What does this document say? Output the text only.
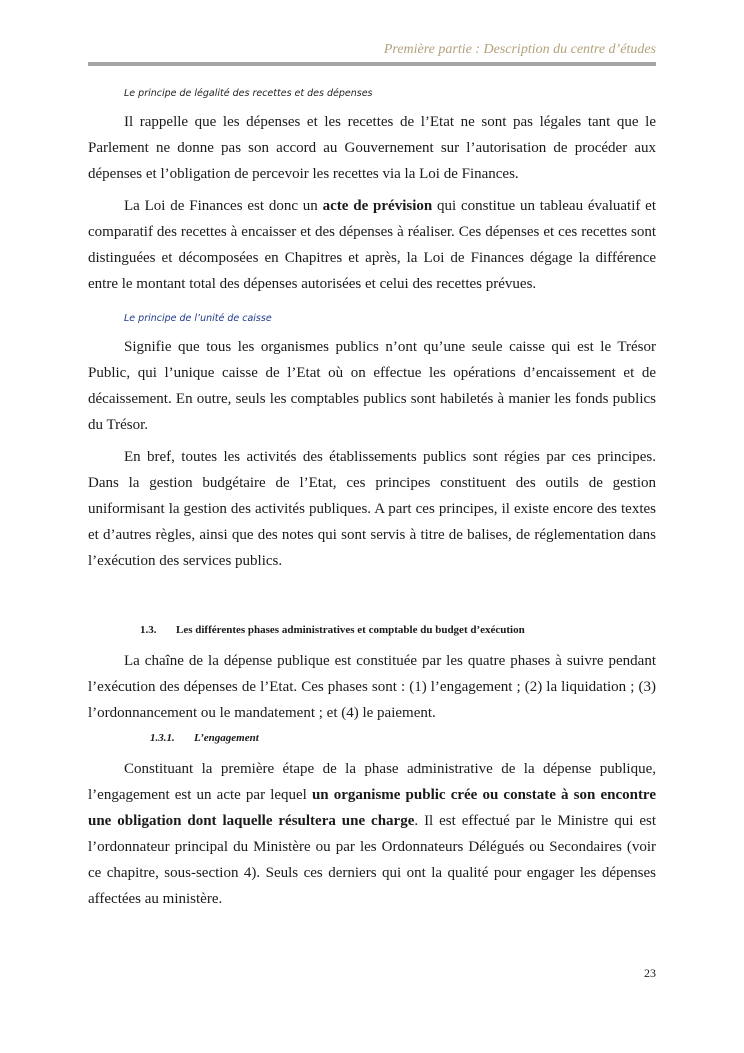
Première partie : Description du centre d’études
Le principe de légalité des recettes et des dépenses

Il rappelle que les dépenses et les recettes de l’Etat ne sont pas légales tant que le Parlement ne donne pas son accord au Gouvernement sur l’autorisation de procéder aux dépenses et l’obligation de percevoir les recettes via la Loi de Finances.

La Loi de Finances est donc un acte de prévision qui constitue un tableau évaluatif et comparatif des recettes à encaisser et des dépenses à réaliser. Ces dépenses et ces recettes sont distinguées et décomposées en Chapitres et après, la Loi de Finances dégage la différence entre le montant total des dépenses autorisées et celui des recettes prévues.

Le principe de l’unité de caisse

Signifie que tous les organismes publics n’ont qu’une seule caisse qui est le Trésor Public, qui l’unique caisse de l’Etat où on effectue les opérations d’encaissement et de décaissement. En outre, seuls les comptables publics sont habiletés à manier les fonds publics du Trésor.

En bref, toutes les activités des établissements publics sont régies par ces principes. Dans la gestion budgétaire de l’Etat, ces principes constituent des outils de gestion uniformisant la gestion des activités publiques. A part ces principes, il existe encore des textes et d’autres règles, ainsi que des notes qui sont servis à titre de balises, de réglementation dans l’exécution des services publics.

1.3.	Les différentes phases administratives et comptable du budget d’exécution

La chaîne de la dépense publique est constituée par les quatre phases à suivre pendant l’exécution des dépenses de l’Etat. Ces phases sont : (1) l’engagement ; (2) la liquidation ; (3) l’ordonnancement ou le mandatement ; et (4) le paiement.

1.3.1.	L’engagement

Constituant la première étape de la phase administrative de la dépense publique, l’engagement est un acte par lequel un organisme public crée ou constate à son encontre une obligation dont laquelle résultera une charge. Il est effectué par le Ministre qui est l’ordonnateur principal du Ministère ou par les Ordonnateurs Délégués ou Secondaires (voir ce chapitre, sous-section 4). Seuls ces derniers qui ont la qualité pour engager les dépenses affectées au ministère.

23
